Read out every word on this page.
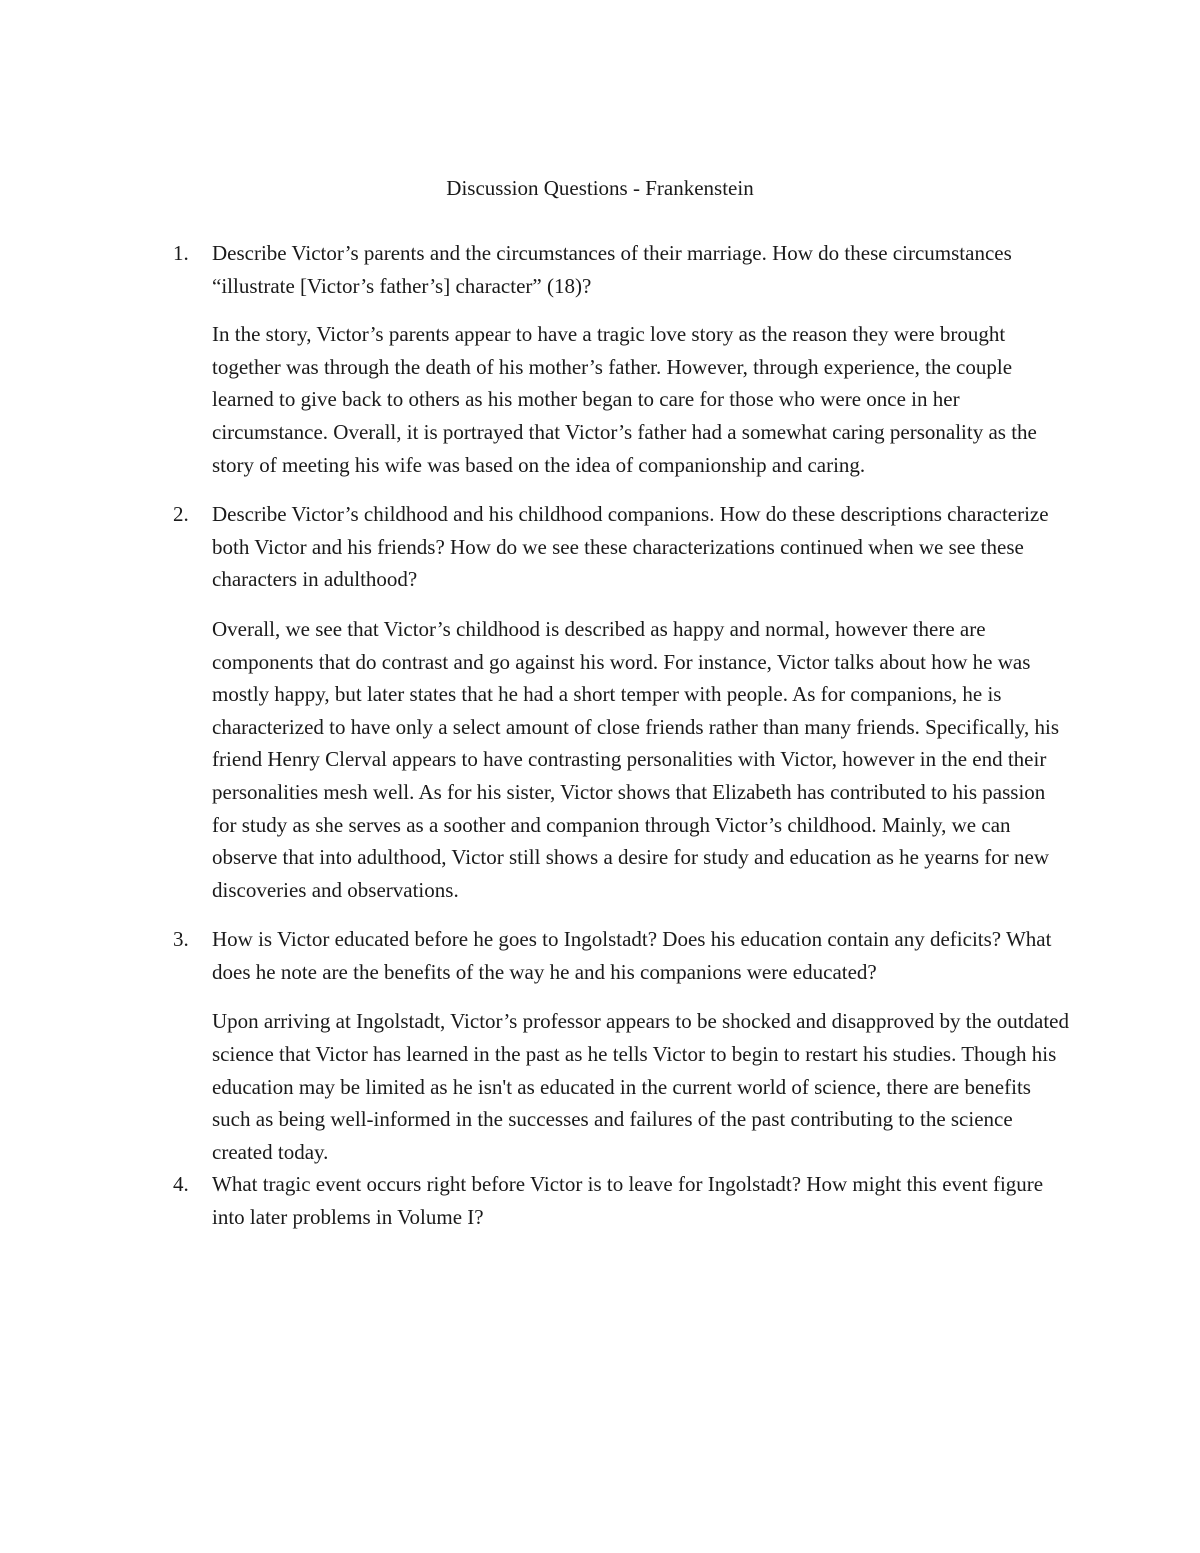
Discussion Questions - Frankenstein
1. Describe Victor’s parents and the circumstances of their marriage. How do these circumstances “illustrate [Victor’s father’s] character” (18)?

In the story, Victor’s parents appear to have a tragic love story as the reason they were brought together was through the death of his mother’s father. However, through experience, the couple learned to give back to others as his mother began to care for those who were once in her circumstance. Overall, it is portrayed that Victor’s father had a somewhat caring personality as the story of meeting his wife was based on the idea of companionship and caring.

2. Describe Victor’s childhood and his childhood companions. How do these descriptions characterize both Victor and his friends? How do we see these characterizations continued when we see these characters in adulthood?

Overall, we see that Victor’s childhood is described as happy and normal, however there are components that do contrast and go against his word. For instance, Victor talks about how he was mostly happy, but later states that he had a short temper with people. As for companions, he is characterized to have only a select amount of close friends rather than many friends. Specifically, his friend Henry Clerval appears to have contrasting personalities with Victor, however in the end their personalities mesh well. As for his sister, Victor shows that Elizabeth has contributed to his passion for study as she serves as a soother and companion through Victor’s childhood. Mainly, we can observe that into adulthood, Victor still shows a desire for study and education as he yearns for new discoveries and observations.

3. How is Victor educated before he goes to Ingolstadt? Does his education contain any deficits? What does he note are the benefits of the way he and his companions were educated?

Upon arriving at Ingolstadt, Victor’s professor appears to be shocked and disapproved by the outdated science that Victor has learned in the past as he tells Victor to begin to restart his studies. Though his education may be limited as he isn't as educated in the current world of science, there are benefits such as being well-informed in the successes and failures of the past contributing to the science created today.

4. What tragic event occurs right before Victor is to leave for Ingolstadt? How might this event figure into later problems in Volume I?
